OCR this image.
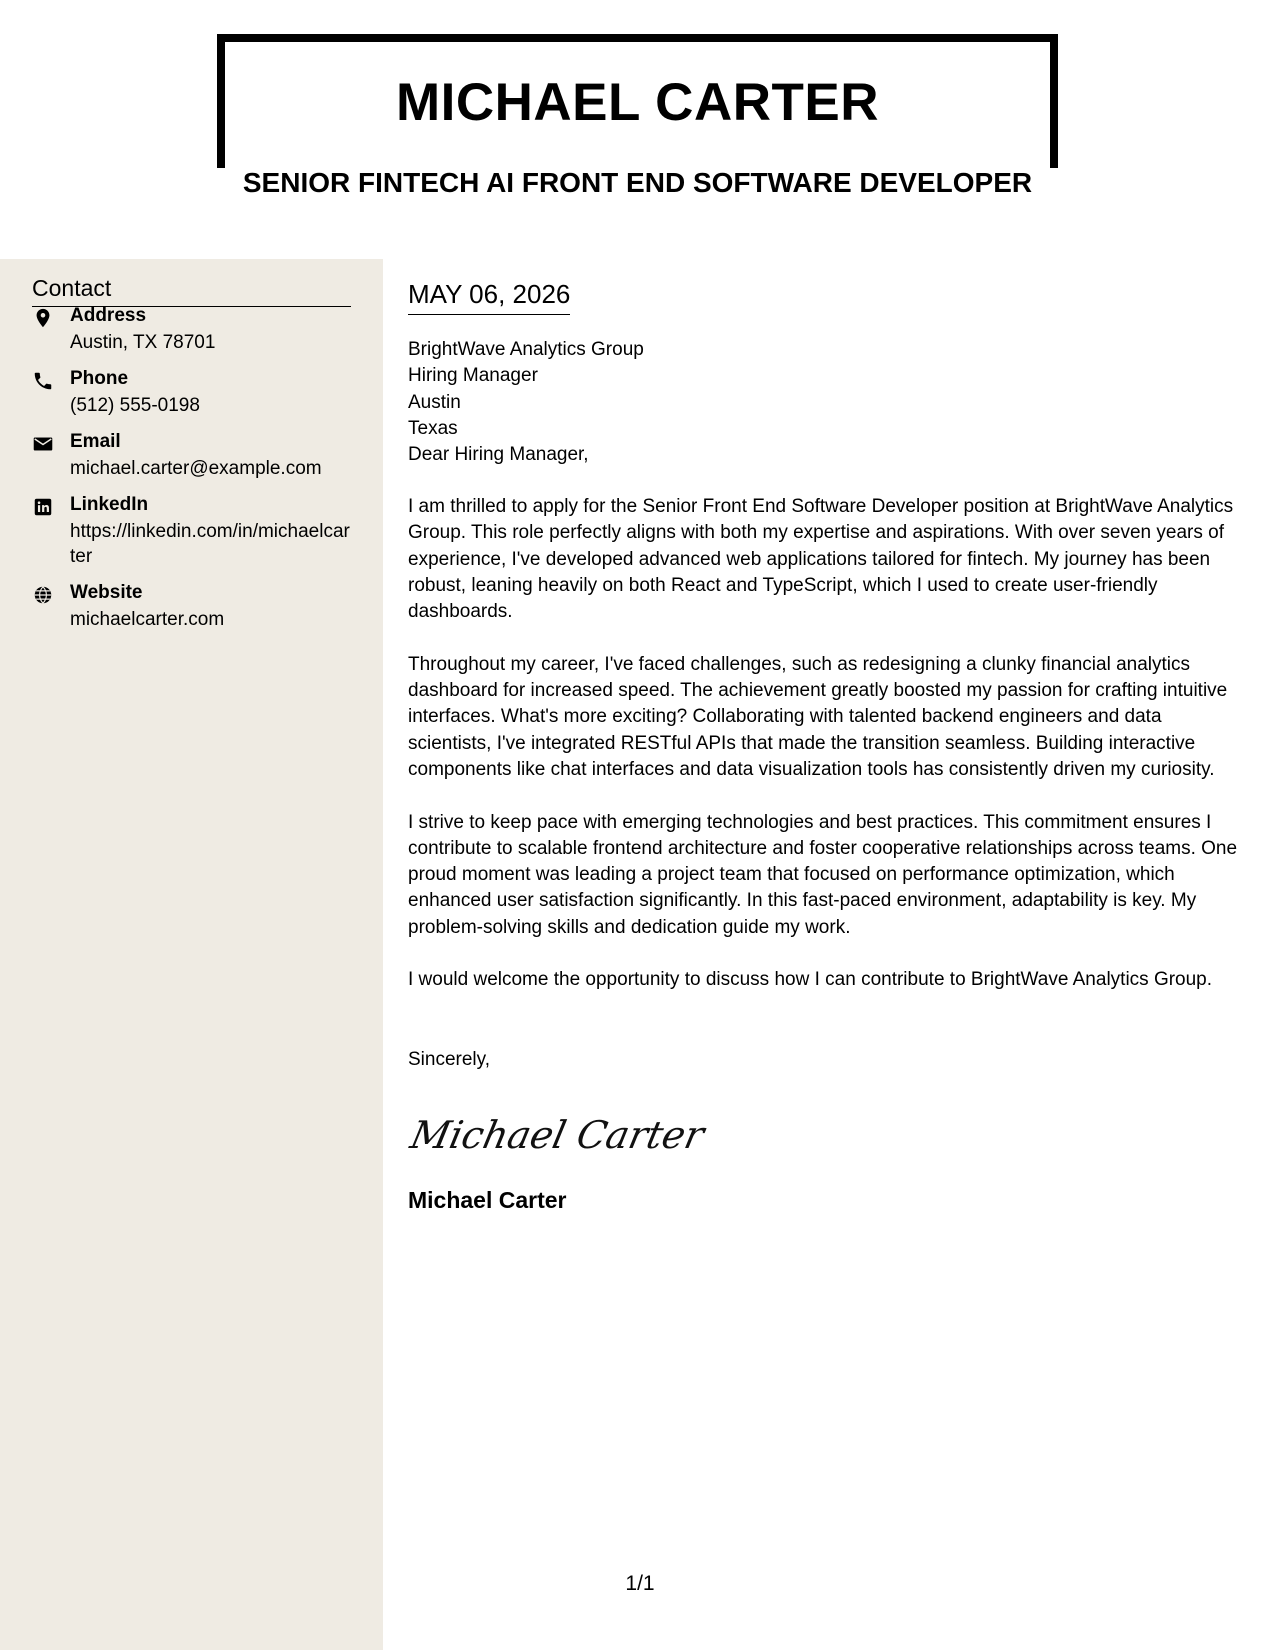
MICHAEL CARTER
SENIOR FINTECH AI FRONT END SOFTWARE DEVELOPER
Contact
Address
Austin, TX 78701
Phone
(512) 555-0198
Email
michael.carter@example.com
LinkedIn
https://linkedin.com/in/michaelcarter
Website
michaelcarter.com
MAY 06, 2026
BrightWave Analytics Group
Hiring Manager
Austin
Texas
Dear Hiring Manager,

I am thrilled to apply for the Senior Front End Software Developer position at BrightWave Analytics Group. This role perfectly aligns with both my expertise and aspirations. With over seven years of experience, I've developed advanced web applications tailored for fintech. My journey has been robust, leaning heavily on both React and TypeScript, which I used to create user-friendly dashboards.

Throughout my career, I've faced challenges, such as redesigning a clunky financial analytics dashboard for increased speed. The achievement greatly boosted my passion for crafting intuitive interfaces. What's more exciting? Collaborating with talented backend engineers and data scientists, I've integrated RESTful APIs that made the transition seamless. Building interactive components like chat interfaces and data visualization tools has consistently driven my curiosity.

I strive to keep pace with emerging technologies and best practices. This commitment ensures I contribute to scalable frontend architecture and foster cooperative relationships across teams. One proud moment was leading a project team that focused on performance optimization, which enhanced user satisfaction significantly. In this fast-paced environment, adaptability is key. My problem-solving skills and dedication guide my work.

I would welcome the opportunity to discuss how I can contribute to BrightWave Analytics Group.

Sincerely,
Michael Carter
Michael Carter
1/1
